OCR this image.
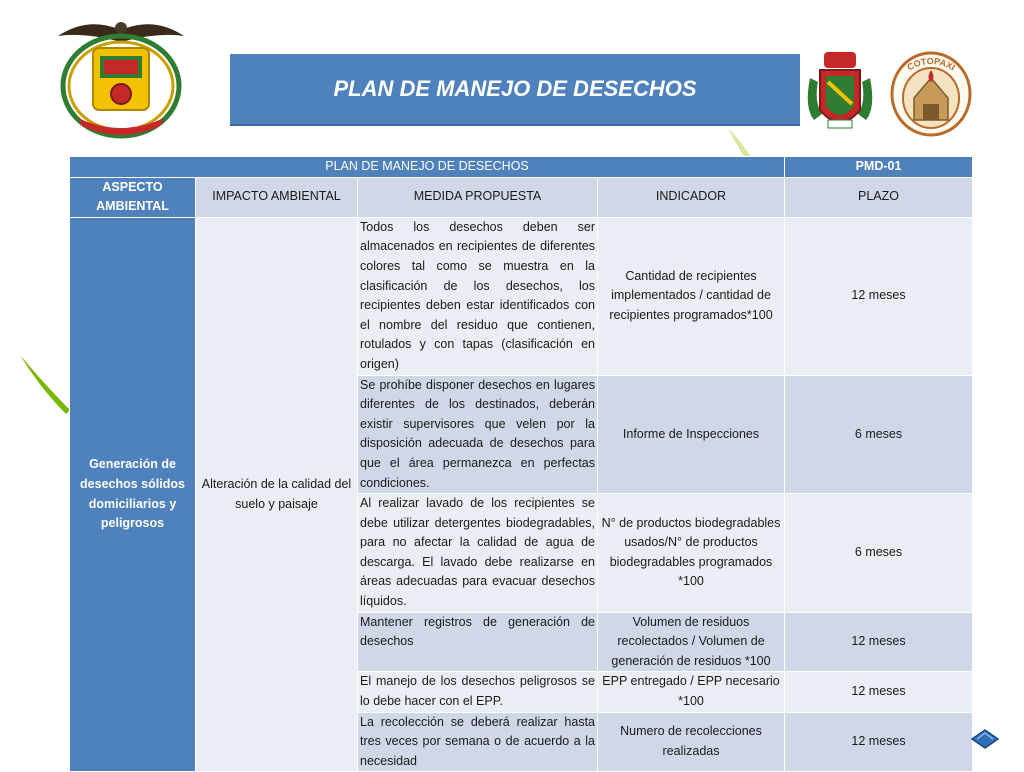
PLAN DE MANEJO DE DESECHOS
COTOPAXI
PLAN DE MANEJO DE DESECHOS				PMD-01
ASPECTO AMBIENTAL	IMPACTO AMBIENTAL	MEDIDA PROPUESTA	INDICADOR	PLAZO
Generación de desechos sólidos domiciliarios y peligrosos	Alteración de la calidad del suelo y paisaje	Todos los desechos deben ser almacenados en recipientes de diferentes colores tal como se muestra en la clasificación de los desechos, los recipientes deben estar identificados con el nombre del residuo que contienen, rotulados y con tapas (clasificación en origen)	Cantidad de recipientes implementados / cantidad de recipientes programados*100	12 meses
		Se prohíbe disponer desechos en lugares diferentes de los destinados, deberán existir supervisores que velen por la disposición adecuada de desechos para que el área permanezca en perfectas condiciones.	Informe de Inspecciones	6 meses
		Al realizar lavado de los recipientes se debe utilizar detergentes biodegradables, para no afectar la calidad de agua de descarga. El lavado debe realizarse en áreas adecuadas para evacuar desechos líquidos.	N° de productos biodegradables usados/N° de productos biodegradables programados *100	6 meses
		Mantener registros de generación de desechos	Volumen de residuos recolectados / Volumen de generación de residuos *100	12 meses
		El manejo de los desechos peligrosos se lo debe hacer con el EPP.	EPP entregado / EPP necesario *100	12 meses
		La recolección se deberá realizar hasta tres veces por semana o de acuerdo a la necesidad	Numero de recolecciones realizadas	12 meses
